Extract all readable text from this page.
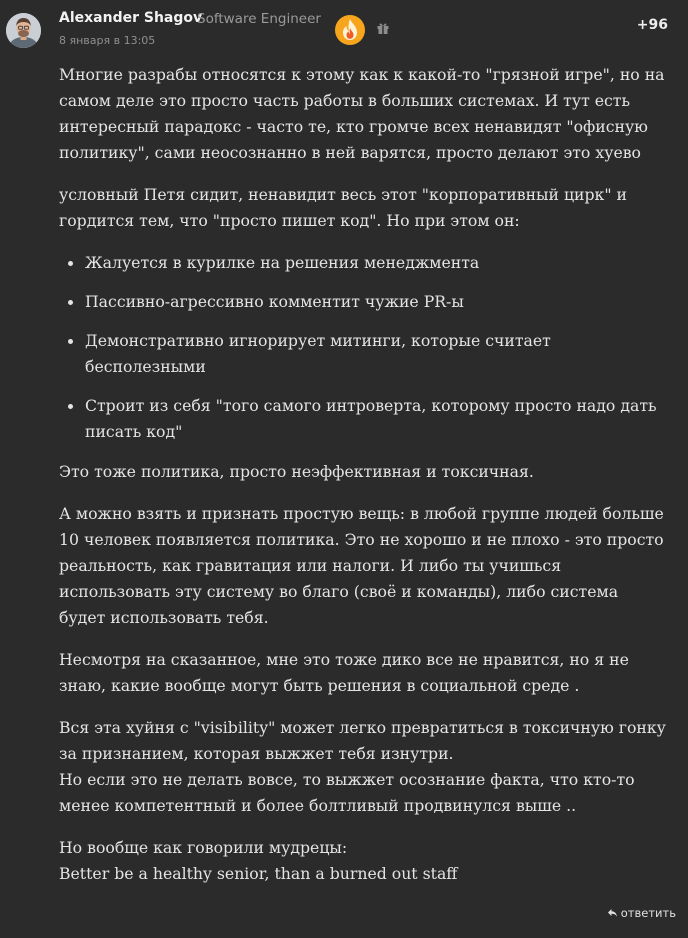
Alexander Shagov
Software Engineer
8 января в 13:05
+96

Многие разрабы относятся к этому как к какой-то "грязной игре", но на самом деле это просто часть работы в больших системах. И тут есть интересный парадокс - часто те, кто громче всех ненавидят "офисную политику", сами неосознанно в ней варятся, просто делают это хуево

условный Петя сидит, ненавидит весь этот "корпоративный цирк" и гордится тем, что "просто пишет код". Но при этом он:

Жалуется в курилке на решения менеджмента
Пассивно-агрессивно комментит чужие PR-ы
Демонстративно игнорирует митинги, которые считает бесполезными
Строит из себя "того самого интроверта, которому просто надо дать писать код"

Это тоже политика, просто неэффективная и токсичная.

А можно взять и признать простую вещь: в любой группе людей больше 10 человек появляется политика. Это не хорошо и не плохо - это просто реальность, как гравитация или налоги. И либо ты учишься использовать эту систему во благо (своё и команды), либо система будет использовать тебя.

Несмотря на сказанное, мне это тоже дико все не нравится, но я не знаю, какие вообще могут быть решения в социальной среде .

Вся эта хуйня с "visibility" может легко превратиться в токсичную гонку за признанием, которая выжжет тебя изнутри.
Но если это не делать вовсе, то выжжет осознание факта, что кто-то менее компетентный и более болтливый продвинулся выше ..

Но вообще как говорили мудрецы:
Better be a healthy senior, than a burned out staff

ответить
